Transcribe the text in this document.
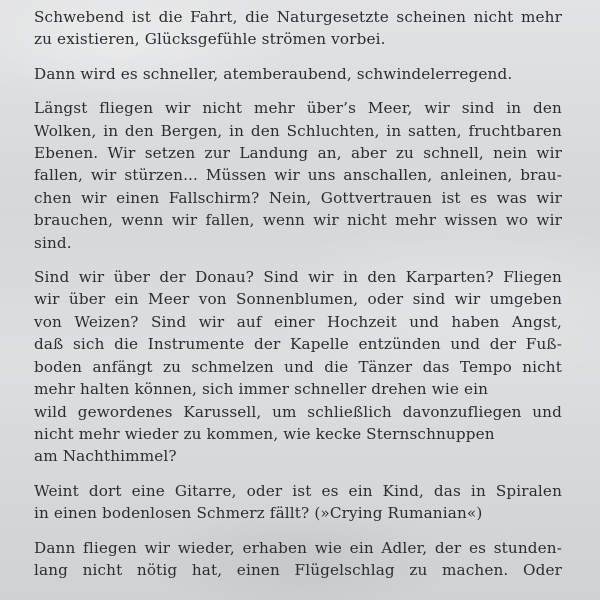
Schwebend ist die Fahrt, die Naturgesetzte scheinen nicht mehr
zu existieren, Glücksgefühle strömen vorbei.

Dann wird es schneller, atemberaubend, schwindelerregend.

Längst fliegen wir nicht mehr über’s Meer, wir sind in den
Wolken, in den Bergen, in den Schluchten, in satten, fruchtbaren
Ebenen. Wir setzen zur Landung an, aber zu schnell, nein wir
fallen, wir stürzen... Müssen wir uns anschallen, anleinen, brau-
chen wir einen Fallschirm? Nein, Gottvertrauen ist es was wir
brauchen, wenn wir fallen, wenn wir nicht mehr wissen wo wir
sind.

Sind wir über der Donau? Sind wir in den Karparten? Fliegen
wir über ein Meer von Sonnenblumen, oder sind wir umgeben
von Weizen? Sind wir auf einer Hochzeit und haben Angst,
daß sich die Instrumente der Kapelle entzünden und der Fuß-
boden anfängt zu schmelzen und die Tänzer das Tempo nicht
mehr halten können, sich immer schneller drehen wie ein
wild gewordenes Karussell, um schließlich davonzufliegen und
nicht mehr wieder zu kommen, wie kecke Sternschnuppen
am Nachthimmel?

Weint dort eine Gitarre, oder ist es ein Kind, das in Spiralen
in einen bodenlosen Schmerz fällt? (»Crying Rumanian«)

Dann fliegen wir wieder, erhaben wie ein Adler, der es stunden-
lang nicht nötig hat, einen Flügelschlag zu machen. Oder
